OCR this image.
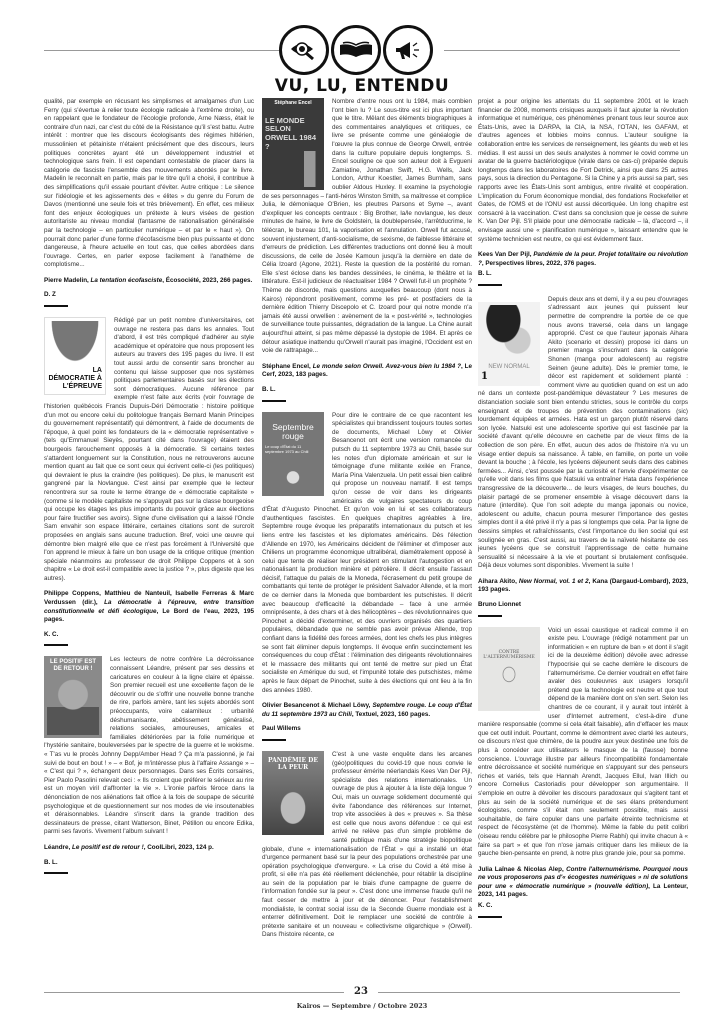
VU, LU, ENTENDU

qualité, par exemple en récusant les simplismes et amalgames d'un Luc Ferry (qui s'évertue à relier toute écologie radicale à l'extrême droite), ou en rappelant que le fondateur de l'écologie profonde, Arne Næss, était le contraire d'un nazi, car c'est du côté de la Résistance qu'il s'est battu. Autre intérêt : montrer que les discours écologisants des régimes hitlérien, mussolinien et pétainiste n'étaient précisément que des discours, leurs politiques concrètes ayant été un développement industriel et technologique sans frein. Il est cependant contestable de placer dans la catégorie de fasciste l'ensemble des mouvements abordés par le livre. Madelin le reconnaît en partie, mais par le titre qu'il a choisi, il contribue à des simplifications qu'il essaie pourtant d'éviter. Autre critique : Le silence sur l'idéologie et les agissements des « élites » du genre du Forum de Davos (mentionné une seule fois et très brièvement). En effet, ces milieux font des enjeux écologiques un prétexte à leurs visées de gestion autoritariste au niveau mondial (fantasme de rationalisation généralisée par la technologie – en particulier numérique – et par le « haut »). On pourrait donc parler d'une forme d'écofascisme bien plus puissante et donc dangereuse, à l'heure actuelle en tout cas, que celles abordées dans l'ouvrage. Certes, en parler expose facilement à l'anathème de complotisme...

Pierre Madelin, La tentation écofasciste, Écosociété, 2023, 266 pages.

D. Z

LA DÉMOCRATIE À L'ÉPREUVE

Rédigé par un petit nombre d'universitaires, cet ouvrage ne restera pas dans les annales. Tout d'abord, il est très compliqué d'adhérer au style académique et opératoire que nous proposent les auteurs au travers des 195 pages du livre. Il est tout aussi ardu de consentir sans broncher au contenu qui laisse supposer que nos systèmes politiques parlementaires basés sur les élections sont démocratiques. Aucune référence par exemple n'est faite aux écrits (voir l'ouvrage de l'historien québécois Francis Dupuis-Déri Démocratie : histoire politique d'un mot ou encore celui du politologue français Bernard Manin Principes du gouvernement représentatif) qui démontrent, à l'aide de documents de l'époque, à quel point les fondateurs de la « démocratie représentative » (tels qu'Emmanuel Sieyès, pourtant cité dans l'ouvrage) étaient des bourgeois farouchement opposés à la démocratie. Si certains textes s'attardent longuement sur la Constitution, nous ne retrouverons aucune mention quant au fait que ce sont ceux qui écrivent celle-ci (les politiques) qui devraient le plus la craindre (les politiques). De plus, le manuscrit est gangrené par la Novlangue. C'est ainsi par exemple que le lecteur rencontrera sur sa route le terme étrange de « démocratie capitaliste » (comme si le modèle capitaliste ne s'appuyait pas sur la classe bourgeoise qui occupe les étages les plus importants du pouvoir grâce aux élections pour faire fructifier ses avoirs). Signe d'une civilisation qui a laissé l'Oncle Sam envahir son espace littéraire, certaines citations sont de surcroît proposées en anglais sans aucune traduction. Bref, voici une œuvre qui démontre bien malgré elle que ce n'est pas forcément à l'Université que l'on apprend le mieux à faire un bon usage de la critique critique (mention spéciale néanmoins au professeur de droit Philippe Coppens et à son chapitre « Le droit est-il compatible avec la justice ? », plus digeste que les autres).

Philippe Coppens, Matthieu de Nanteuil, Isabelle Ferreras & Marc Verdussen (dir.), La démocratie à l'épreuve, entre transition constitutionnelle et défi écologique, Le Bord de l'eau, 2023, 195 pages.

K. C.

LE POSITIF EST DE RETOUR !

Les lecteurs de notre confrère La décroissance connaissent Léandre, présent par ses dessins et caricatures en couleur à la ligne claire et épaisse. Son premier recueil est une excellente façon de le découvrir ou de s'offrir une nouvelle bonne tranche de rire, parfois amère, tant les sujets abordés sont préoccupants, voire calamiteux : urbanité déshumanisante, abêtissement généralisé, relations sociales, amoureuses, amicales et familiales détériorées par la folie numérique et l'hystérie sanitaire, bouleversées par le spectre de la guerre et le wokisme. « T'as vu le procès Johnny Depp/Amber Head ? Ça m'a passionné, je l'ai suivi de bout en bout ! » – « Bof, je m'intéresse plus à l'affaire Assange » – « C'est qui ? », échangent deux personnages. Dans ses Écrits corsaires, Pier Paolo Pasolini relevait ceci : « Ils croient que préférer le sérieux au rire est un moyen viril d'affronter la vie ». L'ironie parfois féroce dans la dénonciation de nos aliénations fait office à la fois de soupape de sécurité psychologique et de questionnement sur nos modes de vie insoutenables et déraisonnables. Léandre s'inscrit dans la grande tradition des dessinateurs de presse, citant Watterson, Binet, Pétillon ou encore Edika, parmi ses favoris. Vivement l'album suivant !

Léandre, Le positif est de retour !, CoolLibri, 2023, 124 p.

B. L.

Stéphane Encel
LE MONDE SELON ORWELL 1984 ?

Nombre d'entre nous ont lu 1984, mais combien l'ont bien lu ? Le sous-titre est ici plus important que le titre. Mêlant des éléments biographiques à des commentaires analytiques et critiques, ce livre se présente comme une généalogie de l'œuvre la plus connue de George Orwell, entrée dans la culture populaire depuis longtemps. S. Encel souligne ce que son auteur doit à Evgueni Zamiatine, Jonathan Swift, H.G. Wells, Jack London, Arthur Koestler, James Burnham, sans oublier Aldous Huxley. Il examine la psychologie de ses personnages – l'anti-héros Winston Smith, sa maîtresse et complice Julia, le démoniaque O'Brien, les pleutres Parsons et Syme –, avant d'expliquer les concepts centraux : Big Brother, la/le novlangue, les deux minutes de haine, le livre de Goldstein, la doublepensée, l'arrêtducrime, le télécran, le bureau 101, la vaporisation et l'annulation. Orwell fut accusé, souvent injustement, d'anti-socialisme, de sexisme, de faiblesse littéraire et d'erreurs de prédiction. Les différentes traductions ont donné lieu à moult discussions, de celle de Josée Kamoun jusqu'à la dernière en date de Célia Izoard (Agone, 2021). Reste la question de la postérité du roman. Elle s'est éclose dans les bandes dessinées, le cinéma, le théâtre et la littérature. Est-il judicieux de réactualiser 1984 ? Orwell fut-il un prophète ? Thème de discorde, mais questions auxquelles beaucoup (dont nous à Kairos) répondront positivement, comme les pré- et postfaciers de la dernière édition Thierry Discepolo et C. Izoard pour qui notre monde n'a jamais été aussi orwellien : avènement de la « post-vérité », technologies de surveillance toute puissantes, dégradation de la langue. La Chine aurait aujourd'hui atteint, si pas même dépassé la dystopie de 1984. Et après ce détour asiatique inattendu qu'Orwell n'aurait pas imaginé, l'Occident est en voie de rattrapage...

Stéphane Encel, Le monde selon Orwell. Avez-vous bien lu 1984 ?, Le Cerf, 2023, 183 pages.

B. L.

Septembre rouge
Le coup d'État du 11 septembre 1973 au Chili

Pour dire le contraire de ce que racontent les spécialistes qui brandissent toujours toutes sortes de documents, Michael Löwy et Olivier Besancenot ont écrit une version romancée du putsch du 11 septembre 1973 au Chili, basée sur les notes d'un diplomate américain et sur le témoignage d'une militante exilée en France, María Pina Valenzuela. Un petit essai bien calibré qui propose un nouveau narratif. Il est temps qu'on cesse de voir dans les dirigeants américains de vulgaires spectateurs du coup d'État d'Augusto Pinochet. Et qu'on voie en lui et ses collaborateurs d'authentiques fascistes. En quelques chapitres agréables à lire, Septembre rouge évoque les préparatifs internationaux du putsch et les liens entre les fascistes et les diplomates américains. Dès l'élection d'Allende en 1970, les Américains décident de l'éliminer et d'imposer aux Chiliens un programme économique ultralibéral, diamétralement opposé à celui que tente de réaliser leur président en stimulant l'autogestion et en nationalisant la production minière et pétrolière. Il décrit ensuite l'assaut décisif, l'attaque du palais de la Moneda, l'écrasement du petit groupe de combattants qui tente de protéger le président Salvador Allende, et la mort de ce dernier dans la Moneda que bombardent les putschistes. Il décrit avec beaucoup d'efficacité la débandade – face à une armée omniprésente, à des chars et à des hélicoptères – des révolutionnaires que Pinochet a décidé d'exterminer, et des ouvriers organisés des quartiers populaires, débandade que ne semble pas avoir prévue Allende, trop confiant dans la fidélité des forces armées, dont les chefs les plus intègres se sont fait éliminer depuis longtemps. Il évoque enfin succinctement les conséquences du coup d'État : l'élimination des dirigeants révolutionnaires et le massacre des militants qui ont tenté de mettre sur pied un État socialiste en Amérique du sud, et l'impunité totale des putschistes, même après le faux départ de Pinochet, suite à des élections qui ont lieu à la fin des années 1980.

Olivier Besancenot & Michael Löwy, Septembre rouge. Le coup d'État du 11 septembre 1973 au Chili, Textuel, 2023, 160 pages.

Paul Willems

PANDÉMIE DE LA PEUR

C'est à une vaste enquête dans les arcanes (géo)politiques du covid-19 que nous convie le professeur émérite néerlandais Kees Van Der Pijl, spécialiste des relations internationales. Un ouvrage de plus à ajouter à la liste déjà longue ? Oui, mais un ouvrage solidement documenté qui évite l'abondance des références sur Internet, trop vite associées à des « preuves ». Sa thèse est celle que nous avons défendue : ce qui est arrivé ne relève pas d'un simple problème de santé publique mais d'une stratégie biopolitique globale, d'une « internationalisation de l'État » qui a installé un état d'urgence permanent basé sur la peur des populations orchestrée par une opération psychologique d'envergure. « La crise du Covid a été mise à profit, si elle n'a pas été réellement déclenchée, pour rétablir la discipline au sein de la population par le biais d'une campagne de guerre de l'information fondée sur la peur ». C'est donc une immense fraude qu'il ne faut cesser de mettre à jour et de dénoncer. Pour l'establishment mondialiste, le contrat social issu de la Seconde Guerre mondiale est à enterrer définitivement. Doit le remplacer une société de contrôle à prétexte sanitaire et un nouveau « collectivisme oligarchique » (Orwell). Dans l'histoire récente, ce

projet a pour origine les attentats du 11 septembre 2001 et le krach financier de 2008, moments crisiques auxquels il faut ajouter la révolution informatique et numérique, ces phénomènes prenant tous leur source aux États-Unis, avec la DARPA, la CIA, la NSA, l'OTAN, les GAFAM, et d'autres agences et lobbies moins connus. L'auteur souligne la collaboration entre les services de renseignement, les géants du web et les médias. Il est aussi un des seuls analystes à nommer le covid comme un avatar de la guerre bactériologique (virale dans ce cas-ci) préparée depuis longtemps dans les laboratoires de Fort Detrick, ainsi que dans 25 autres pays, sous la direction du Pentagone. Si la Chine y a pris aussi sa part, ses rapports avec les États-Unis sont ambigus, entre rivalité et coopération. L'implication du Forum économique mondial, des fondations Rockefeller et Gates, de l'OMS et de l'ONU est aussi décortiquée. Un long chapitre est consacré à la vaccination. C'est dans sa conclusion que je cesse de suivre K. Van Der Pijl. S'il plaide pour une démocratie radicale – là, d'accord –, il envisage aussi une « planification numérique », laissant entendre que le système technicien est neutre, ce qui est évidemment faux.

Kees Van Der Pijl, Pandémie de la peur. Projet totalitaire ou révolution ?, Perspectives libres, 2022, 376 pages.

B. L.

NEW NORMAL
1

Depuis deux ans et demi, il y a eu peu d'ouvrages s'adressant aux jeunes qui puissent leur permettre de comprendre la portée de ce que nous avons traversé, cela dans un langage approprié. C'est ce que l'auteur japonais Aihara Akito (scenario et dessin) propose ici dans un premier manga s'inscrivant dans la catégorie Shonen (manga pour adolescent) au registre Seinen (jeune adulte). Dès le premier tome, le décor est rapidement et solidement planté : comment vivre au quotidien quand on est un ado né dans un contexte post-pandémique dévastateur ? Les mesures de distanciation sociale sont bien entendu strictes, sous le contrôle du corps enseignant et de troupes de prévention des contaminations (sic) lourdement équipées et armées. Hata est un garçon plutôt réservé dans son lycée. Natsuki est une adolescente sportive qui est fascinée par la société d'avant qu'elle découvre en cachette par de vieux films de la collection de son père. En effet, aucun des ados de l'histoire n'a vu un visage entier depuis sa naissance. À table, en famille, on porte un voile devant la bouche ; à l'école, les lycéens déjeunent seuls dans des cabines fermées... Ainsi, c'est poussée par la curiosité et l'envie d'expérimenter ce qu'elle voit dans les films que Natsuki va entraîner Hata dans l'expérience transgressive de la découverte... de leurs visages, de leurs bouches, du plaisir partagé de se promener ensemble à visage découvert dans la nature (interdite). Que l'on soit adepte du manga japonais ou novice, adolescent ou adulte, chacun pourra mesurer l'importance des gestes simples dont il a été privé il n'y a pas si longtemps que cela. Par la ligne de dessins simples et rafraîchissants, c'est l'importance du lien social qui est soulignée en gras. C'est aussi, au travers de la naïveté hésitante de ces jeunes lycéens que se construit l'apprentissage de cette humaine sensualité si nécessaire à la vie et pourtant si brutalement confisquée. Déjà deux volumes sont disponibles. Vivement la suite !

Aihara Akito, New Normal, vol. 1 et 2, Kana (Dargaud-Lombard), 2023, 193 pages.

Bruno Lionnet

CONTRE L'ALTERNUMÉRISME

Voici un essai caustique et radical comme il en existe peu. L'ouvrage (rédigé notamment par un informaticien « en rupture de ban » et dont il s'agit ici de la deuxième édition) dévoile avec adresse l'hypocrisie qui se cache derrière le discours de l'alternumérisme. Ce dernier voudrait en effet faire avaler des couleuvres aux usagers lorsqu'il prétend que la technologie est neutre et que tout dépend de la manière dont on s'en sert. Selon les chantres de ce courant, il y aurait tout intérêt à user d'Internet autrement, c'est-à-dire d'une manière responsable (comme si cela était faisable), afin d'effacer les maux que cet outil induit. Pourtant, comme le démontrent avec clarté les auteurs, ce discours n'est que chimère, de la poudre aux yeux destinée une fois de plus à concéder aux utilisateurs le masque de la (fausse) bonne conscience. L'ouvrage illustre par ailleurs l'incompatibilité fondamentale entre décroissance et société numérique en s'appuyant sur des penseurs riches et variés, tels que Hannah Arendt, Jacques Ellul, Ivan Illich ou encore Cornelius Castoriadis pour développer son argumentaire. Il s'emploie en outre à dévoiler les discours paradoxaux qui s'agitent tant et plus au sein de la société numérique et de ses élans prétendument écologistes, comme s'il était non seulement possible, mais aussi souhaitable, de faire copuler dans une parfaite étreinte technicisme et respect de l'écosystème (et de l'homme). Même la fable du petit colibri (oiseau rendu célèbre par le philosophe Pierre Rabhi) qui invite chacun à « faire sa part » et que l'on n'ose jamais critiquer dans les milieux de la gauche bien-pensante en prend, à notre plus grande joie, pour sa pomme.

Julia Laïnae & Nicolas Alep, Contre l'alternumérisme. Pourquoi nous ne vous proposerons pas d'« écogestes numériques » ni de solutions pour une « démocratie numérique » (nouvelle édition), La Lenteur, 2023, 141 pages.

K. C.

23
Kairos — Septembre / Octobre 2023
